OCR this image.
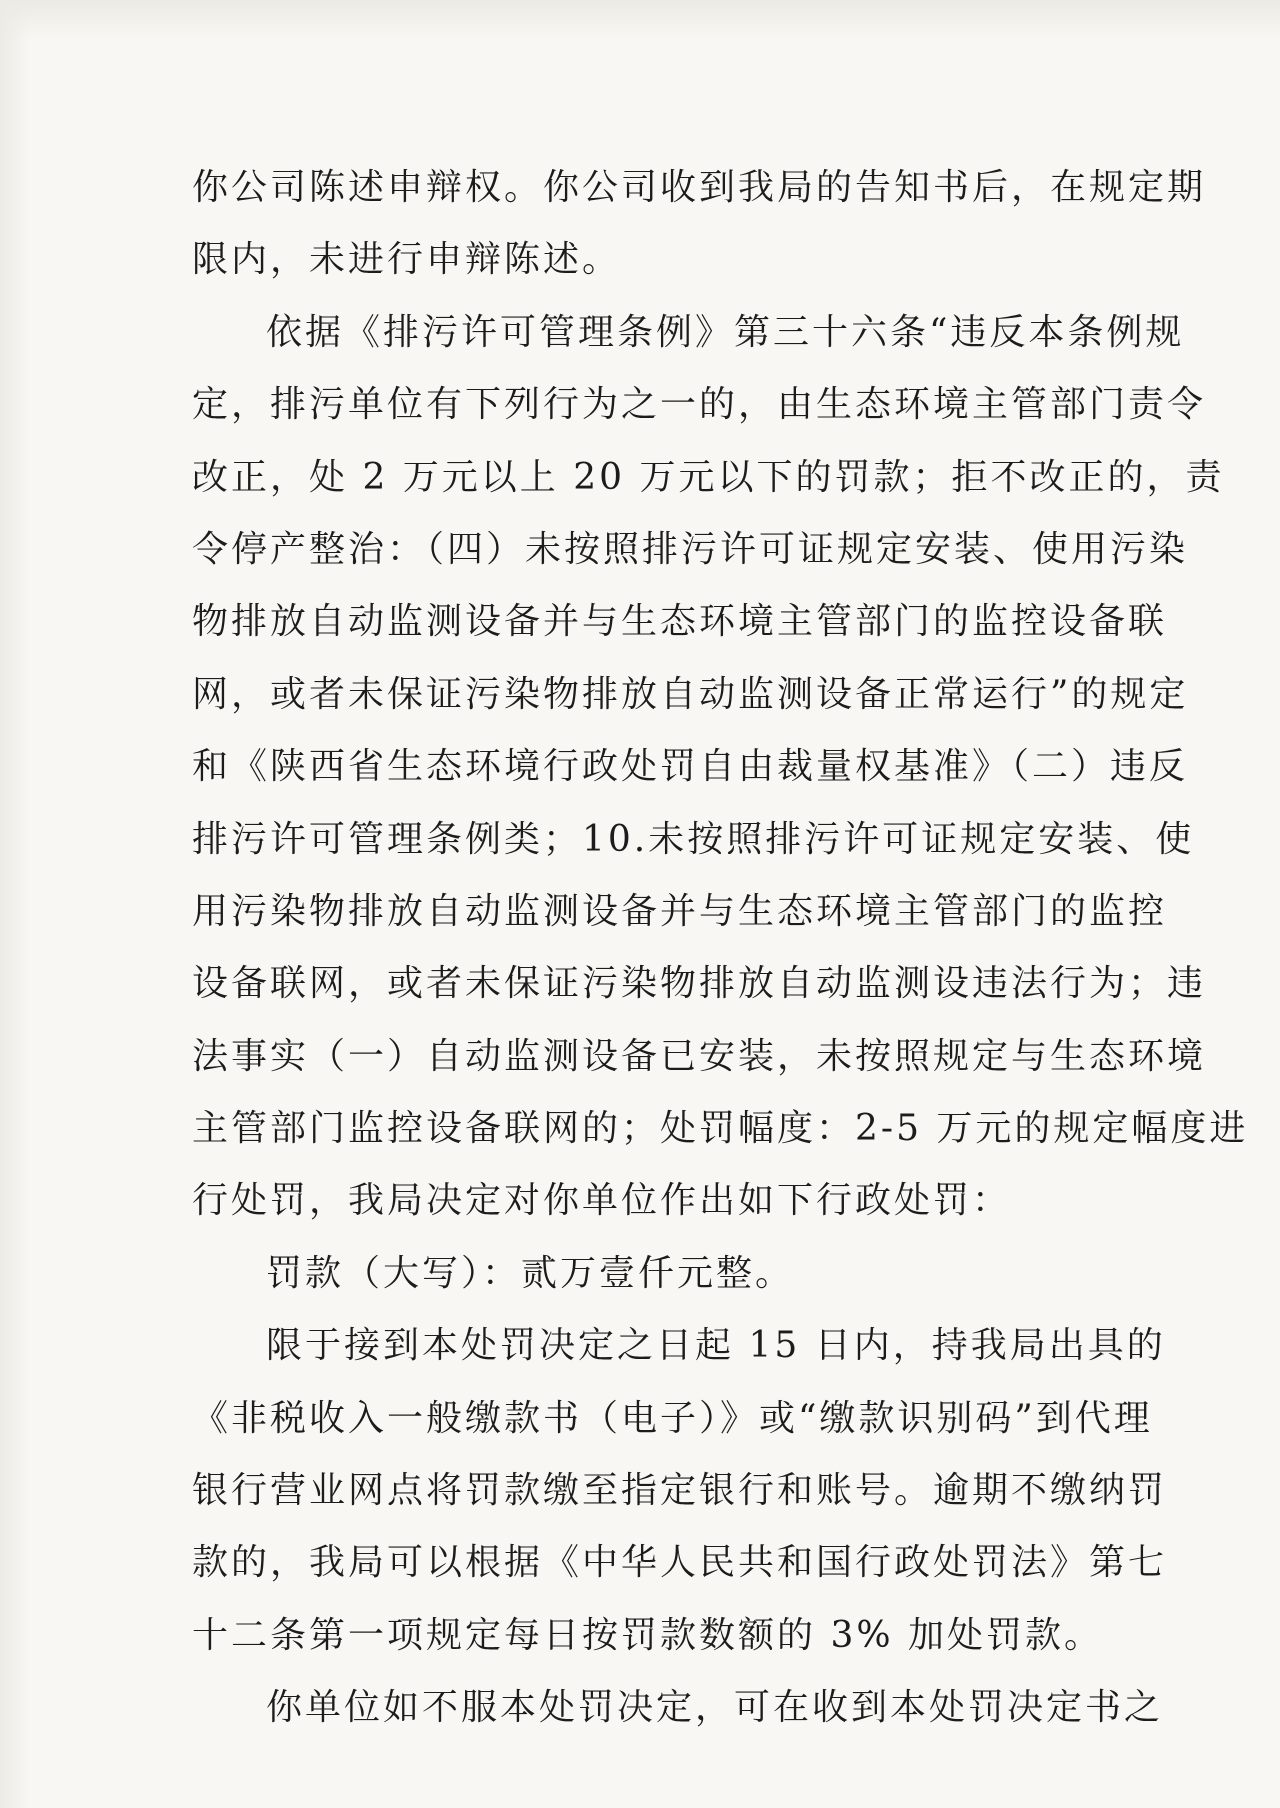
你公司陈述申辩权。你公司收到我局的告知书后，在规定期
限内，未进行申辩陈述。
依据《排污许可管理条例》第三十六条“违反本条例规
定，排污单位有下列行为之一的，由生态环境主管部门责令
改正，处 2 万元以上 20 万元以下的罚款；拒不改正的，责
令停产整治：（四）未按照排污许可证规定安装、使用污染
物排放自动监测设备并与生态环境主管部门的监控设备联
网，或者未保证污染物排放自动监测设备正常运行”的规定
和《陕西省生态环境行政处罚自由裁量权基准》（二）违反
排污许可管理条例类；10.未按照排污许可证规定安装、使
用污染物排放自动监测设备并与生态环境主管部门的监控
设备联网，或者未保证污染物排放自动监测设违法行为；违
法事实（一）自动监测设备已安装，未按照规定与生态环境
主管部门监控设备联网的；处罚幅度：2-5 万元的规定幅度进
行处罚，我局决定对你单位作出如下行政处罚：
罚款（大写）：贰万壹仟元整。
限于接到本处罚决定之日起 15 日内，持我局出具的
《非税收入一般缴款书（电子）》或“缴款识别码”到代理
银行营业网点将罚款缴至指定银行和账号。逾期不缴纳罚
款的，我局可以根据《中华人民共和国行政处罚法》第七
十二条第一项规定每日按罚款数额的 3% 加处罚款。
你单位如不服本处罚决定，可在收到本处罚决定书之
